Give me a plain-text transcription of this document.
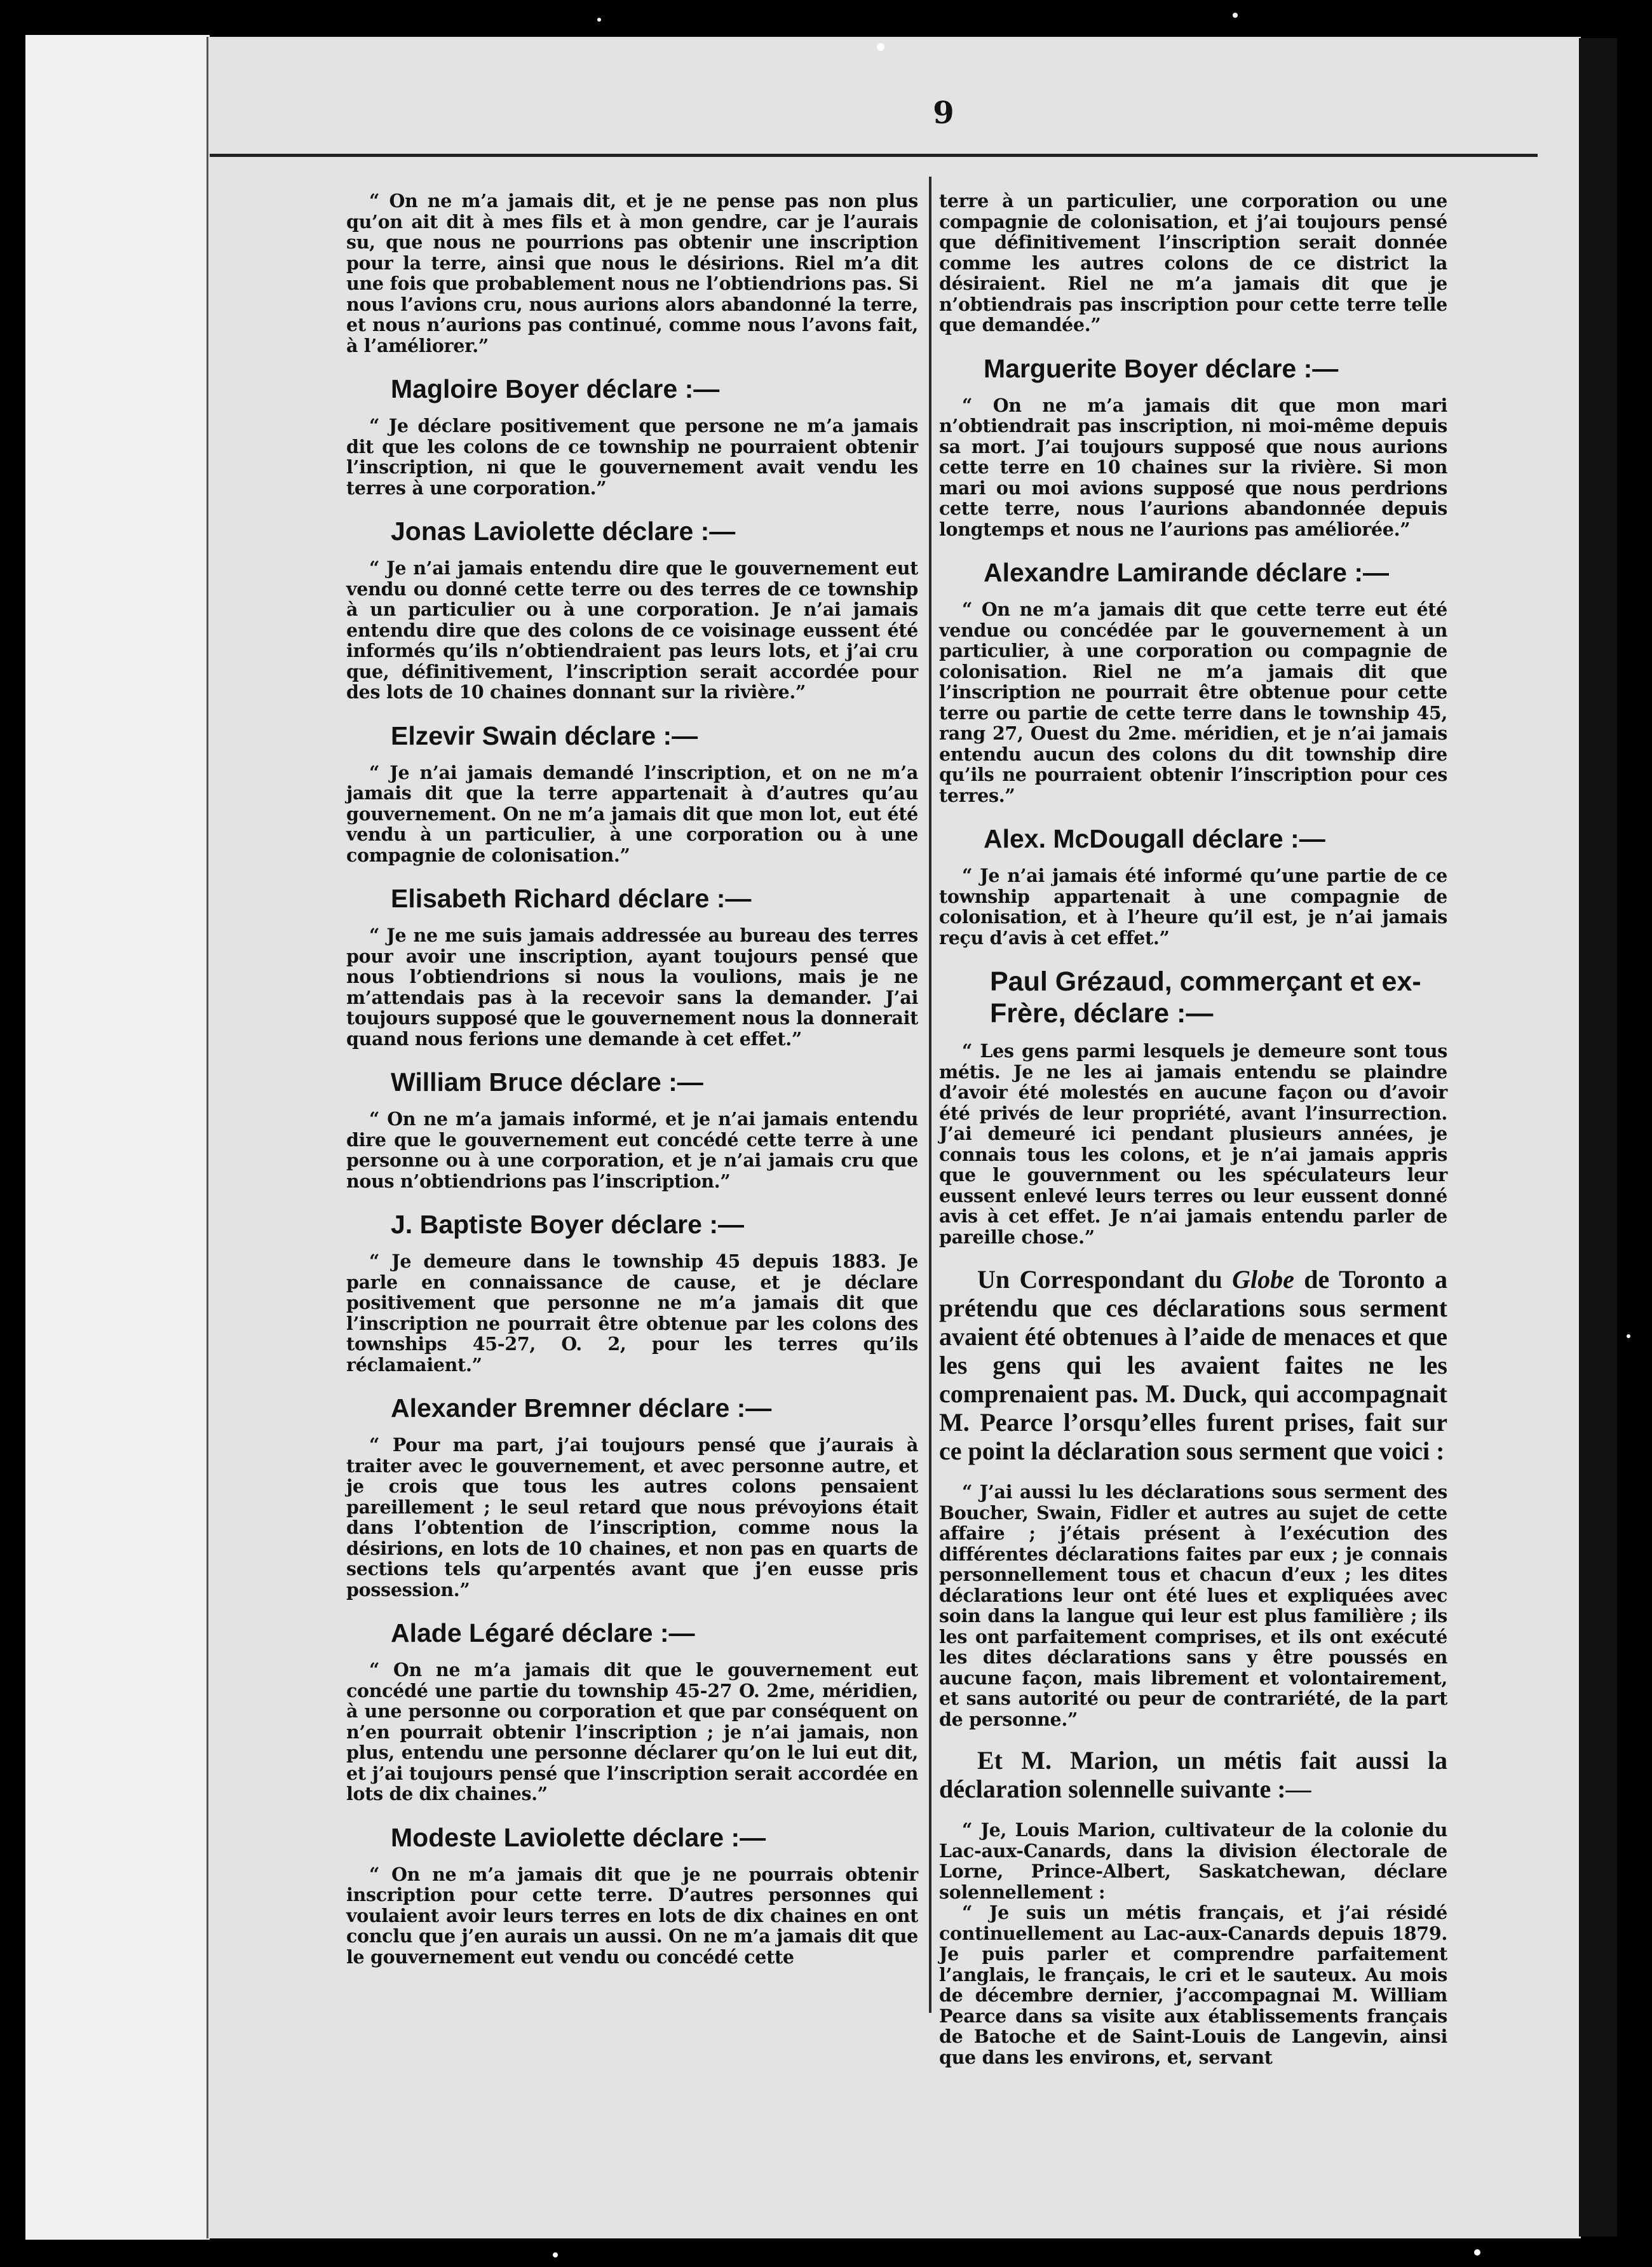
9

“ On ne m’a jamais dit, et je ne pense pas non plus qu’on ait dit à mes fils et à mon gendre, car je l’aurais su, que nous ne pourrions pas obtenir une inscription pour la terre, ainsi que nous le désirions. Riel m’a dit une fois que probablement nous ne l’obtiendrions pas. Si nous l’avions cru, nous aurions alors abandonné la terre, et nous n’aurions pas continué, comme nous l’avons fait, à l’améliorer.”

Magloire Boyer déclare :—

“ Je déclare positivement que persone ne m’a jamais dit que les colons de ce township ne pourraient obtenir l’inscription, ni que le gouvernement avait vendu les terres à une corporation.”

Jonas Laviolette déclare :—

“ Je n’ai jamais entendu dire que le gouvernement eut vendu ou donné cette terre ou des terres de ce township à un particulier ou à une corporation. Je n’ai jamais entendu dire que des colons de ce voisinage eussent été informés qu’ils n’obtiendraient pas leurs lots, et j’ai cru que, définitivement, l’inscription serait accordée pour des lots de 10 chaines donnant sur la rivière.”

Elzevir Swain déclare :—

“ Je n’ai jamais demandé l’inscription, et on ne m’a jamais dit que la terre appartenait à d’autres qu’au gouvernement. On ne m’a jamais dit que mon lot, eut été vendu à un particulier, à une corporation ou à une compagnie de colonisation.”

Elisabeth Richard déclare :—

“ Je ne me suis jamais addressée au bureau des terres pour avoir une inscription, ayant toujours pensé que nous l’obtiendrions si nous la voulions, mais je ne m’attendais pas à la recevoir sans la demander. J’ai toujours supposé que le gouvernement nous la donnerait quand nous ferions une demande à cet effet.”

William Bruce déclare :—

“ On ne m’a jamais informé, et je n’ai jamais entendu dire que le gouvernement eut concédé cette terre à une personne ou à une corporation, et je n’ai jamais cru que nous n’obtiendrions pas l’inscription.”

J. Baptiste Boyer déclare :—

“ Je demeure dans le township 45 depuis 1883. Je parle en connaissance de cause, et je déclare positivement que personne ne m’a jamais dit que l’inscription ne pourrait être obtenue par les colons des townships 45-27, O. 2, pour les terres qu’ils réclamaient.”

Alexander Bremner déclare :—

“ Pour ma part, j’ai toujours pensé que j’aurais à traiter avec le gouvernement, et avec personne autre, et je crois que tous les autres colons pensaient pareillement ; le seul retard que nous prévoyions était dans l’obtention de l’inscription, comme nous la désirions, en lots de 10 chaines, et non pas en quarts de sections tels qu’arpentés avant que j’en eusse pris possession.”

Alade Légaré déclare :—

“ On ne m’a jamais dit que le gouvernement eut concédé une partie du township 45-27 O. 2me, méridien, à une personne ou corporation et que par conséquent on n’en pourrait obtenir l’inscription ; je n’ai jamais, non plus, entendu une personne déclarer qu’on le lui eut dit, et j’ai toujours pensé que l’inscription serait accordée en lots de dix chaines.”

Modeste Laviolette déclare :—

“ On ne m’a jamais dit que je ne pourrais obtenir inscription pour cette terre. D’autres personnes qui voulaient avoir leurs terres en lots de dix chaines en ont conclu que j’en aurais un aussi. On ne m’a jamais dit que le gouvernement eut vendu ou concédé cette

terre à un particulier, une corporation ou une compagnie de colonisation, et j’ai toujours pensé que définitivement l’inscription serait donnée comme les autres colons de ce district la désiraient. Riel ne m’a jamais dit que je n’obtiendrais pas inscription pour cette terre telle que demandée.”

Marguerite Boyer déclare :—

“ On ne m’a jamais dit que mon mari n’obtiendrait pas inscription, ni moi-même depuis sa mort. J’ai toujours supposé que nous aurions cette terre en 10 chaines sur la rivière. Si mon mari ou moi avions supposé que nous perdrions cette terre, nous l’aurions abandonnée depuis longtemps et nous ne l’aurions pas améliorée.”

Alexandre Lamirande déclare :—

“ On ne m’a jamais dit que cette terre eut été vendue ou concédée par le gouvernement à un particulier, à une corporation ou compagnie de colonisation. Riel ne m’a jamais dit que l’inscription ne pourrait être obtenue pour cette terre ou partie de cette terre dans le township 45, rang 27, Ouest du 2me. méridien, et je n’ai jamais entendu aucun des colons du dit township dire qu’ils ne pourraient obtenir l’inscription pour ces terres.”

Alex. McDougall déclare :—

“ Je n’ai jamais été informé qu’une partie de ce township appartenait à une compagnie de colonisation, et à l’heure qu’il est, je n’ai jamais reçu d’avis à cet effet.”

Paul Grézaud, commerçant et ex-Frère, déclare :—

“ Les gens parmi lesquels je demeure sont tous métis. Je ne les ai jamais entendu se plaindre d’avoir été molestés en aucune façon ou d’avoir été privés de leur propriété, avant l’insurrection. J’ai demeuré ici pendant plusieurs années, je connais tous les colons, et je n’ai jamais appris que le gouvernment ou les spéculateurs leur eussent enlevé leurs terres ou leur eussent donné avis à cet effet. Je n’ai jamais entendu parler de pareille chose.”

Un Correspondant du Globe de Toronto a prétendu que ces déclarations sous serment avaient été obtenues à l’aide de menaces et que les gens qui les avaient faites ne les comprenaient pas. M. Duck, qui accompagnait M. Pearce l’orsqu’elles furent prises, fait sur ce point la déclaration sous serment que voici :

“ J’ai aussi lu les déclarations sous serment des Boucher, Swain, Fidler et autres au sujet de cette affaire ; j’étais présent à l’exécution des différentes déclarations faites par eux ; je connais personnellement tous et chacun d’eux ; les dites déclarations leur ont été lues et expliquées avec soin dans la langue qui leur est plus familière ; ils les ont parfaitement comprises, et ils ont exécuté les dites déclarations sans y être poussés en aucune façon, mais librement et volontairement, et sans autorité ou peur de contrariété, de la part de personne.”

Et M. Marion, un métis fait aussi la déclaration solennelle suivante :—

“ Je, Louis Marion, cultivateur de la colonie du Lac-aux-Canards, dans la division électorale de Lorne, Prince-Albert, Saskatchewan, déclare solennellement :

“ Je suis un métis français, et j’ai résidé continuellement au Lac-aux-Canards depuis 1879. Je puis parler et comprendre parfaitement l’anglais, le français, le cri et le sauteux. Au mois de décembre dernier, j’accompagnai M. William Pearce dans sa visite aux établissements français de Batoche et de Saint-Louis de Langevin, ainsi que dans les environs, et, servant
